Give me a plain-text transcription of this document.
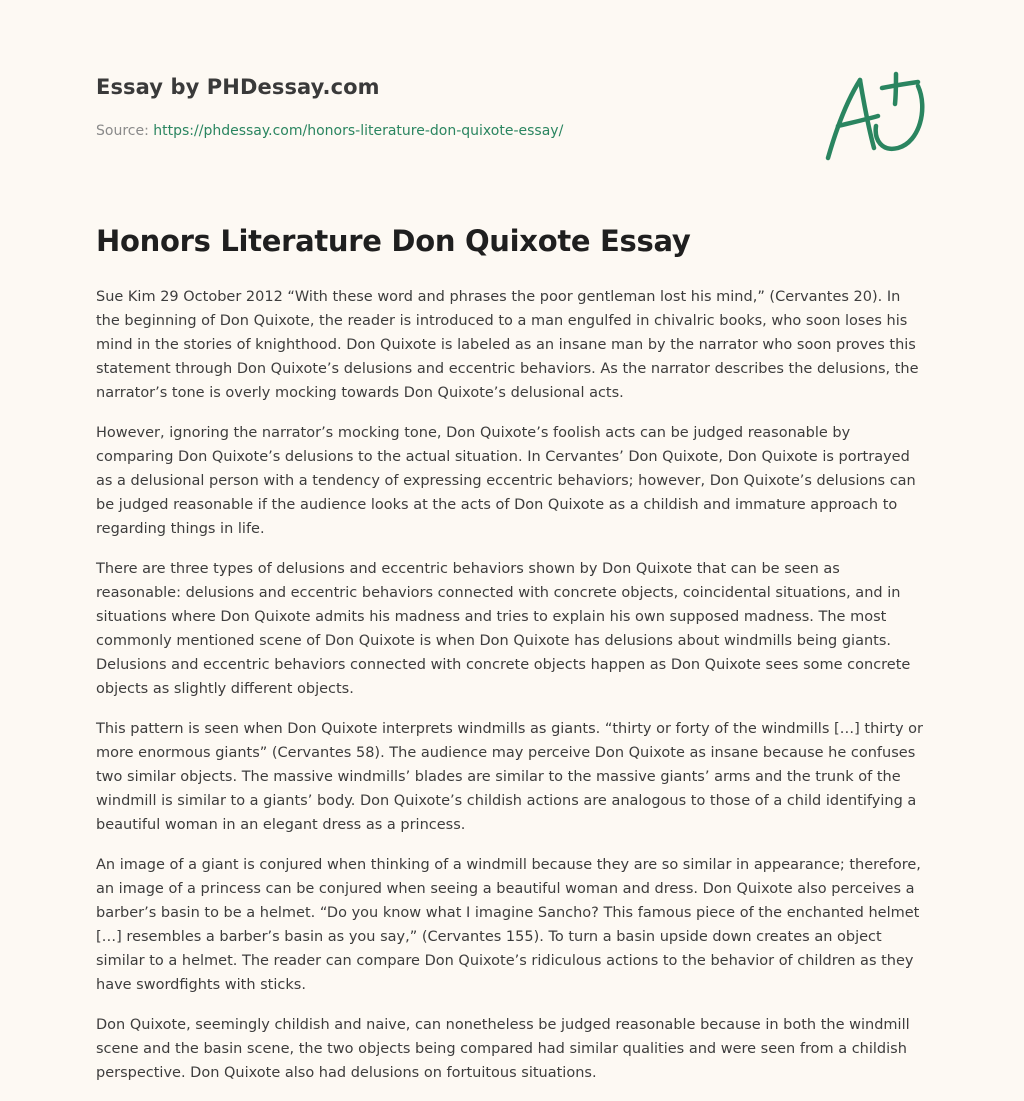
Essay by PHDessay.com
Source: https://phdessay.com/honors-literature-don-quixote-essay/
Honors Literature Don Quixote Essay

Sue Kim 29 October 2012 “With these word and phrases the poor gentleman lost his mind,” (Cervantes 20). In the beginning of Don Quixote, the reader is introduced to a man engulfed in chivalric books, who soon loses his mind in the stories of knighthood. Don Quixote is labeled as an insane man by the narrator who soon proves this statement through Don Quixote’s delusions and eccentric behaviors. As the narrator describes the delusions, the narrator’s tone is overly mocking towards Don Quixote’s delusional acts.

However, ignoring the narrator’s mocking tone, Don Quixote’s foolish acts can be judged reasonable by comparing Don Quixote’s delusions to the actual situation. In Cervantes’ Don Quixote, Don Quixote is portrayed as a delusional person with a tendency of expressing eccentric behaviors; however, Don Quixote’s delusions can be judged reasonable if the audience looks at the acts of Don Quixote as a childish and immature approach to regarding things in life.

There are three types of delusions and eccentric behaviors shown by Don Quixote that can be seen as reasonable: delusions and eccentric behaviors connected with concrete objects, coincidental situations, and in situations where Don Quixote admits his madness and tries to explain his own supposed madness. The most commonly mentioned scene of Don Quixote is when Don Quixote has delusions about windmills being giants. Delusions and eccentric behaviors connected with concrete objects happen as Don Quixote sees some concrete objects as slightly different objects.

This pattern is seen when Don Quixote interprets windmills as giants. “thirty or forty of the windmills […] thirty or more enormous giants” (Cervantes 58). The audience may perceive Don Quixote as insane because he confuses two similar objects. The massive windmills’ blades are similar to the massive giants’ arms and the trunk of the windmill is similar to a giants’ body. Don Quixote’s childish actions are analogous to those of a child identifying a beautiful woman in an elegant dress as a princess.

An image of a giant is conjured when thinking of a windmill because they are so similar in appearance; therefore, an image of a princess can be conjured when seeing a beautiful woman and dress. Don Quixote also perceives a barber’s basin to be a helmet. “Do you know what I imagine Sancho? This famous piece of the enchanted helmet […] resembles a barber’s basin as you say,” (Cervantes 155). To turn a basin upside down creates an object similar to a helmet. The reader can compare Don Quixote’s ridiculous actions to the behavior of children as they have swordfights with sticks.

Don Quixote, seemingly childish and naive, can nonetheless be judged reasonable because in both the windmill scene and the basin scene, the two objects being compared had similar qualities and were seen from a childish perspective. Don Quixote also had delusions on fortuitous situations.
